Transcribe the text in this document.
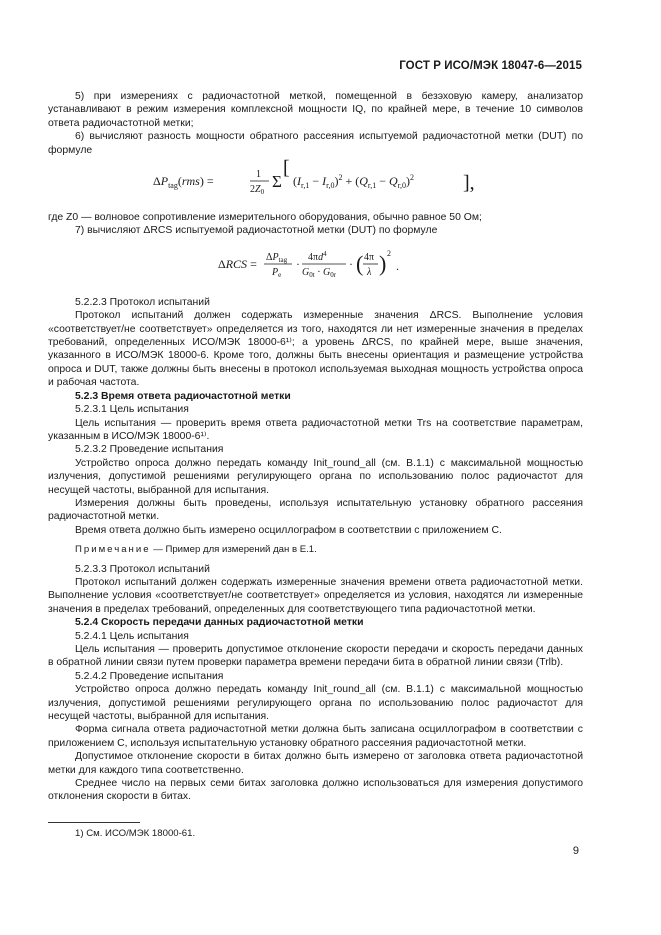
ГОСТ Р ИСО/МЭК 18047-6—2015

5) при измерениях с радиочастотной меткой, помещенной в безэховую камеру, анализатор устанавливают в режим измерения комплексной мощности IQ, по крайней мере, в течение 10 символов ответа радиочастотной метки;

6) вычисляют разность мощности обратного рассеяния испытуемой радиочастотной метки (DUT) по формуле

$\Delta P_{tag}(rms)$ =	1
$2Z_0$
Σ
[
$(I_{r,1} - I_{r,0})^2 + (Q_{r,1} - Q_{r,0})^2$ ],

где Z0 — волновое сопротивление измерительного оборудования, обычно равное 50 Ом;

7) вычисляют ΔRCS испытуемой радиочастотной метки (DUT) по формуле

$\Delta RCS = \Delta P_{tag}$
$P_e$
· $4\pi d^4$
$G_{0t} \cdot G_{0r}$
· ( 4π
λ ) 2
.

5.2.2.3 Протокол испытаний

Протокол испытаний должен содержать измеренные значения ΔRCS. Выполнение условия «соответствует/не соответствует» определяется из того, находятся ли нет измеренные значения в пределах требований, определенных ИСО/МЭК 18000-6¹⁾; а уровень ΔRCS, по крайней мере, выше значения, указанного в ИСО/МЭК 18000-6. Кроме того, должны быть внесены ориентация и размещение устройства опроса и DUT, также должны быть внесены в протокол используемая выходная мощность устройства опроса и рабочая частота.

5.2.3 Время ответа радиочастотной метки

5.2.3.1 Цель испытания

Цель испытания — проверить время ответа радиочастотной метки Trs на соответствие параметрам, указанным в ИСО/МЭК 18000-6¹⁾.

5.2.3.2 Проведение испытания

Устройство опроса должно передать команду Init_round_all (см. B.1.1) с максимальной мощностью излучения, допустимой решениями регулирующего органа по использованию полос радиочастот для несущей частоты, выбранной для испытания.

Измерения должны быть проведены, используя испытательную установку обратного рассеяния радиочастотной метки.

Время ответа должно быть измерено осциллографом в соответствии с приложением С.

Примечание — Пример для измерений дан в Е.1.

5.2.3.3 Протокол испытаний

Протокол испытаний должен содержать измеренные значения времени ответа радиочастотной метки. Выполнение условия «соответствует/не соответствует» определяется из условия, находятся ли измеренные значения в пределах требований, определенных для соответствующего типа радиочастотной метки.

5.2.4 Скорость передачи данных радиочастотной метки

5.2.4.1 Цель испытания

Цель испытания — проверить допустимое отклонение скорости передачи и скорость передачи данных в обратной линии связи путем проверки параметра времени передачи бита в обратной линии связи (Trlb).

5.2.4.2 Проведение испытания

Устройство опроса должно передать команду Init_round_all (см. B.1.1) с максимальной мощностью излучения, допустимой решениями регулирующего органа по использованию полос радиочастот для несущей частоты, выбранной для испытания.

Форма сигнала ответа радиочастотной метки должна быть записана осциллографом в соответствии с приложением С, используя испытательную установку обратного рассеяния радиочастотной метки.

Допустимое отклонение скорости в битах должно быть измерено от заголовка ответа радиочастотной метки для каждого типа соответственно.

Среднее число на первых семи битах заголовка должно использоваться для измерения допустимого отклонения скорости в битах.

1) См. ИСО/МЭК 18000-61.
9
